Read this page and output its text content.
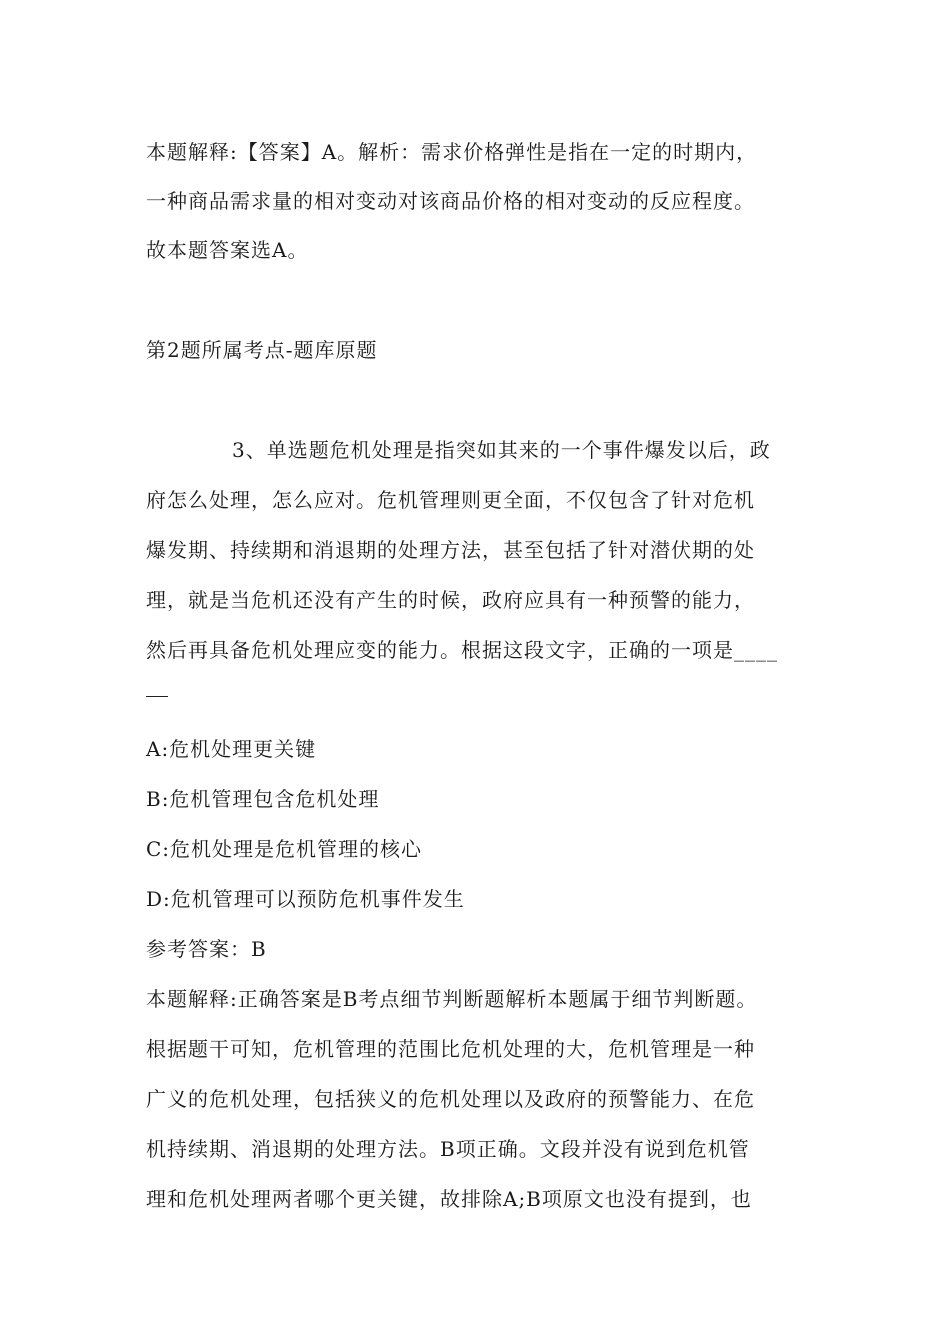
本题解释:【答案】A。解析：需求价格弹性是指在一定的时期内，
一种商品需求量的相对变动对该商品价格的相对变动的反应程度。
故本题答案选A。
第2题所属考点-题库原题
3、单选题危机处理是指突如其来的一个事件爆发以后，政
府怎么处理，怎么应对。危机管理则更全面，不仅包含了针对危机
爆发期、持续期和消退期的处理方法，甚至包括了针对潜伏期的处
理，就是当危机还没有产生的时候，政府应具有一种预警的能力，
然后再具备危机处理应变的能力。根据这段文字，正确的一项是____
A:危机处理更关键
B:危机管理包含危机处理
C:危机处理是危机管理的核心
D:危机管理可以预防危机事件发生
参考答案：B
本题解释:正确答案是B考点细节判断题解析本题属于细节判断题。
根据题干可知，危机管理的范围比危机处理的大，危机管理是一种
广义的危机处理，包括狭义的危机处理以及政府的预警能力、在危
机持续期、消退期的处理方法。B项正确。文段并没有说到危机管
理和危机处理两者哪个更关键，故排除A;B项原文也没有提到，也
